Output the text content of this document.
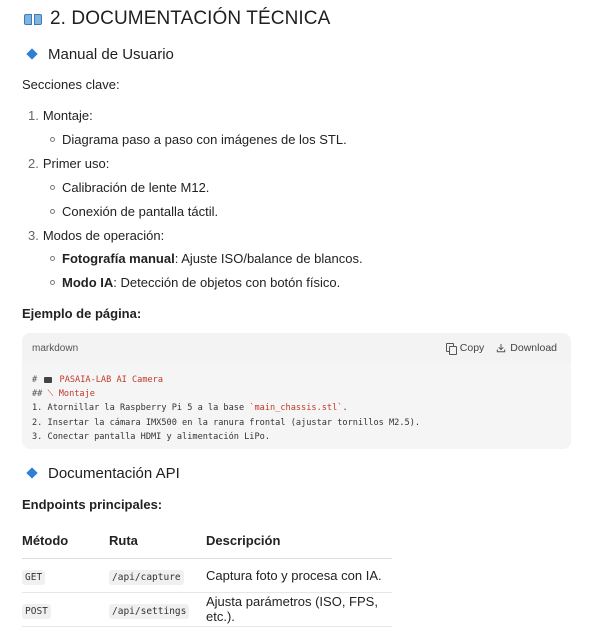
2. DOCUMENTACIÓN TÉCNICA
Manual de Usuario
Secciones clave:
1. Montaje:
Diagrama paso a paso con imágenes de los STL.
2. Primer uso:
Calibración de lente M12.
Conexión de pantalla táctil.
3. Modos de operación:
Fotografía manual : Ajuste ISO/balance de blancos.
Modo IA : Detección de objetos con botón físico.
Ejemplo de página:
markdown	Copy Download
#  PASAIA-LAB AI Camera
## ⟍ Montaje
1. Atornillar la Raspberry Pi 5 a la base `main_chassis.stl`.
2. Insertar la cámara IMX500 en la ranura frontal (ajustar tornillos M2.5).
3. Conectar pantalla HDMI y alimentación LiPo.
Documentación API
Endpoints principales:
Método	Ruta	Descripción
GET	/api/capture	Captura foto y procesa con IA.
POST	/api/settings	Ajusta parámetros (ISO, FPS, etc.).
